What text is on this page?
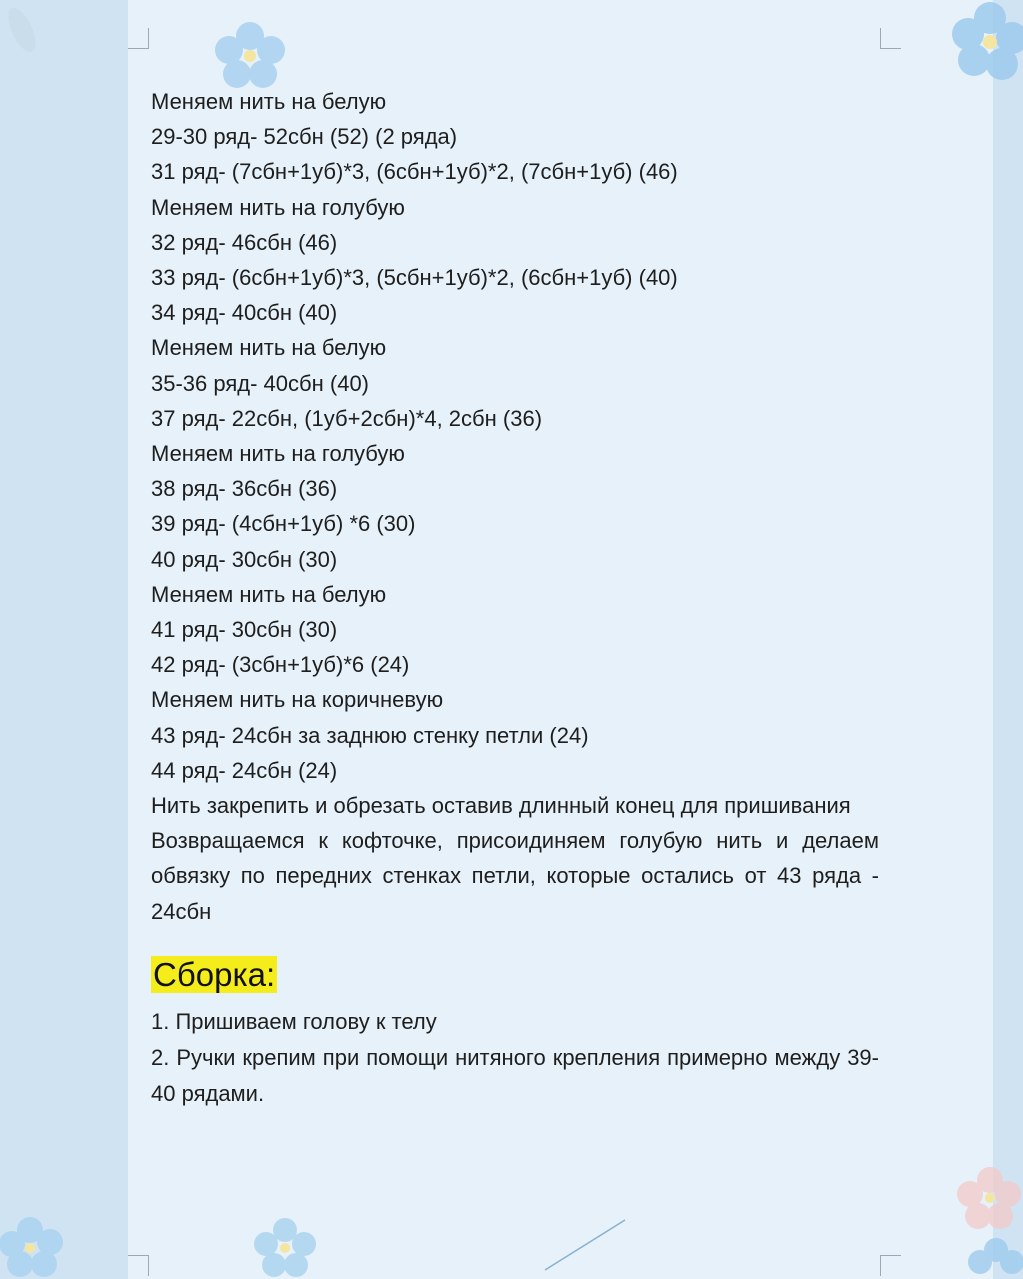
Меняем нить на белую
29-30 ряд- 52сбн (52) (2 ряда)
31 ряд- (7сбн+1уб)*3, (6сбн+1уб)*2, (7сбн+1уб) (46)
Меняем нить на голубую
32 ряд- 46сбн (46)
33 ряд- (6сбн+1уб)*3, (5сбн+1уб)*2, (6сбн+1уб) (40)
34 ряд- 40сбн (40)
Меняем нить на белую
35-36 ряд- 40сбн (40)
37 ряд- 22сбн, (1уб+2сбн)*4, 2сбн (36)
Меняем нить на голубую
38 ряд- 36сбн (36)
39 ряд- (4сбн+1уб) *6 (30)
40 ряд- 30сбн (30)
Меняем нить на белую
41 ряд- 30сбн (30)
42 ряд- (3сбн+1уб)*6 (24)
Меняем нить на коричневую
43 ряд- 24сбн за заднюю стенку петли (24)
44 ряд- 24сбн (24)
Нить закрепить и обрезать оставив длинный конец для пришивания
Возвращаемся к кофточке, присоидиняем голубую нить и делаем обвязку по передних стенках петли, которые остались от 43 ряда - 24сбн
Сборка:
1. Пришиваем голову к телу
2. Ручки крепим при помощи нитяного крепления примерно между 39-40 рядами.
